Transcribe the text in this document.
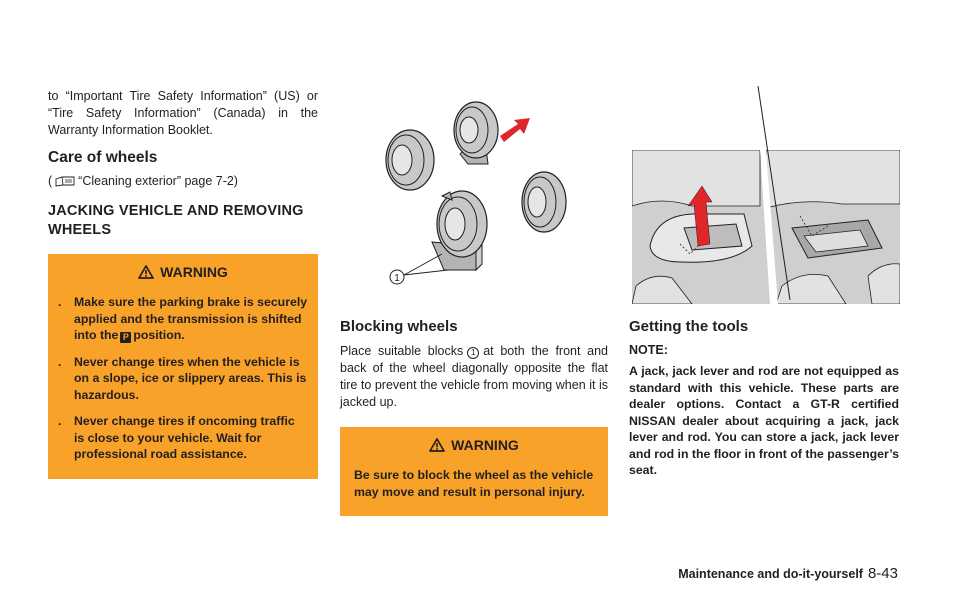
to “Important Tire Safety Information” (US) or “Tire Safety Information” (Canada) in the Warranty Information Booklet.

Care of wheels
( “Cleaning exterior” page 7-2)
JACKING VEHICLE AND REMOVING WHEELS
WARNING
.	Make sure the parking brake is securely applied and the transmission is shifted into the P position.
.	Never change tires when the vehicle is on a slope, ice or slippery areas. This is hazardous.
.	Never change tires if oncoming traffic is close to your vehicle. Wait for professional road assistance.
1
Blocking wheels

Place suitable blocks 1 at both the front and back of the wheel diagonally opposite the flat tire to prevent the vehicle from moving when it is jacked up.

WARNING

Be sure to block the wheel as the vehicle may move and result in personal injury.

Getting the tools
NOTE:

A jack, jack lever and rod are not equipped as standard with this vehicle. These parts are dealer options. Contact a GT-R certified NISSAN dealer about acquiring a jack, jack lever and rod. You can store a jack, jack lever and rod in the floor in front of the passenger’s seat.

Maintenance and do-it-yourself 8-43
